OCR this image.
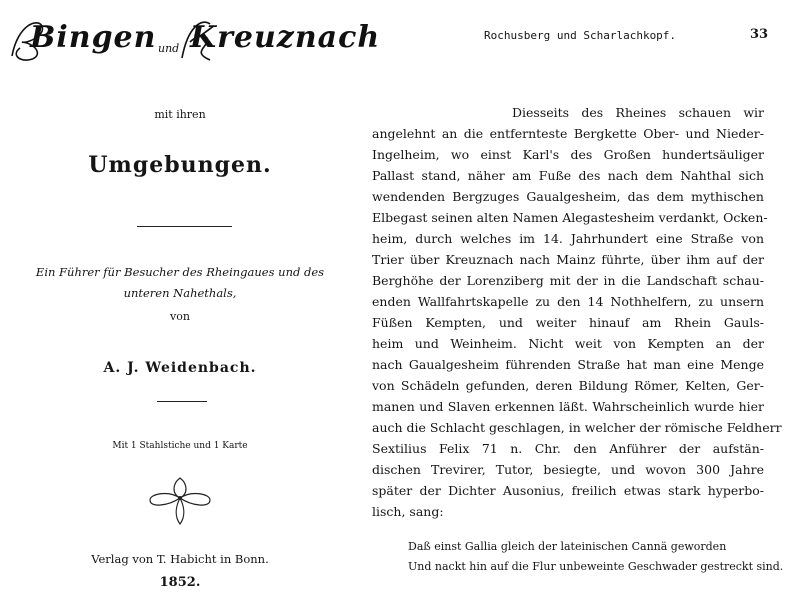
Bingen und Kreuznach
mit ihren
Umgebungen.
Ein Führer für Besucher des Rheingaues und des
unteren Nahethals,
von
A. J. Weidenbach.
Mit 1 Stahlstiche und 1 Karte
Verlag von T. Habicht in Bonn.
1852.
Rochusberg und Scharlachkopf.	33
Diesseits des Rheines schauen wir
angelehnt an die entfernteste Bergkette Ober- und Nieder-
Ingelheim, wo einst Karl's des Großen hundertsäuliger
Pallast stand, näher am Fuße des nach dem Nahthal sich
wendenden Bergzuges Gaualgesheim, das dem mythischen
Elbegast seinen alten Namen Alegastesheim verdankt, Ocken-
heim, durch welches im 14. Jahrhundert eine Straße von
Trier über Kreuznach nach Mainz führte, über ihm auf der
Berghöhe der Lorenziberg mit der in die Landschaft schau-
enden Wallfahrtskapelle zu den 14 Nothhelfern, zu unsern
Füßen Kempten, und weiter hinauf am Rhein Gauls-
heim und Weinheim. Nicht weit von Kempten an der
nach Gaualgesheim führenden Straße hat man eine Menge
von Schädeln gefunden, deren Bildung Römer, Kelten, Ger-
manen und Slaven erkennen läßt. Wahrscheinlich wurde hier
auch die Schlacht geschlagen, in welcher der römische Feldherr
Sextilius Felix 71 n. Chr. den Anführer der aufstän-
dischen Trevirer, Tutor, besiegte, und wovon 300 Jahre
später der Dichter Ausonius, freilich etwas stark hyperbo-
lisch, sang:
Daß einst Gallia gleich der lateinischen Cannä geworden
Und nackt hin auf die Flur unbeweinte Geschwader gestreckt sind.
